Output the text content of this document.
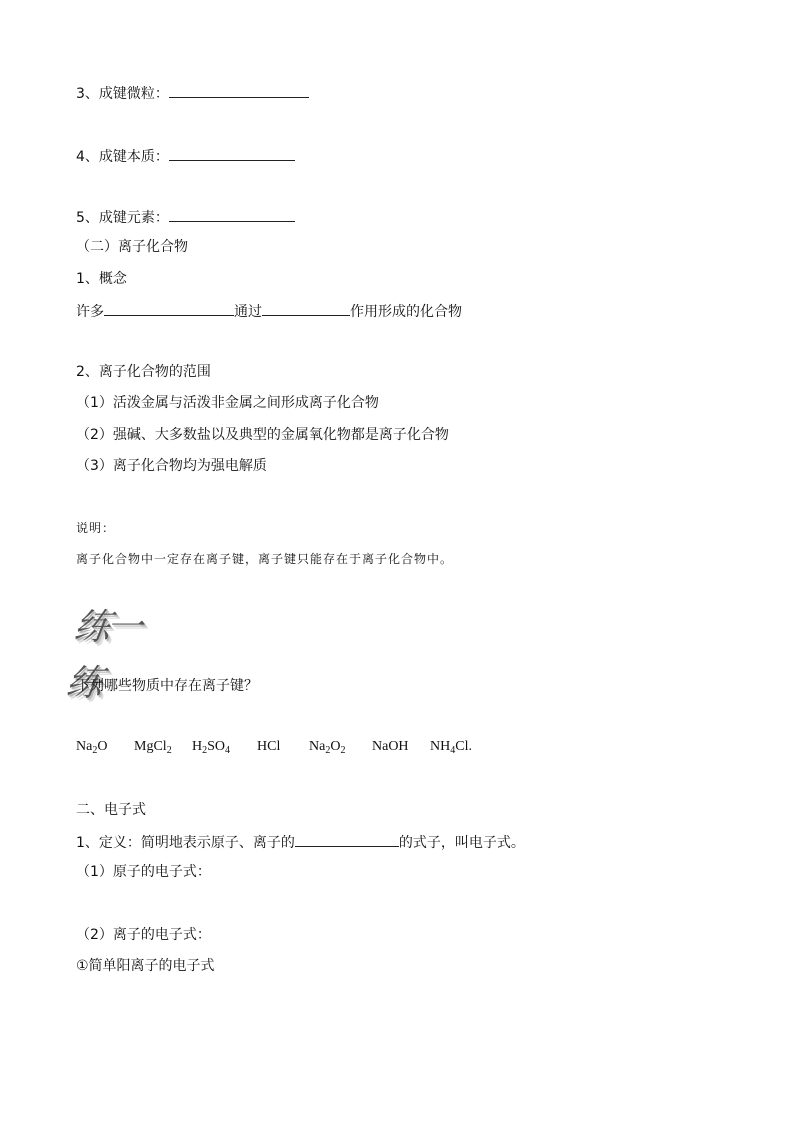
3、成键微粒：
4、成键本质：
5、成键元素：
（二）离子化合物
1、概念
许多	通过	作用形成的化合物
2、离子化合物的范围
（1）活泼金属与活泼非金属之间形成离子化合物
（2）强碱、大多数盐以及典型的金属氧化物都是离子化合物
（3）离子化合物均为强电解质
说明：
离子化合物中一定存在离子键，离子键只能存在于离子化合物中。
练一练
下列哪些物质中存在离子键？
$Na_2O$ MgCl$_2$ $H_2SO_4$ HCl $Na_2O_2$ NaOH $NH_4Cl$.
二、电子式
1、定义：简明地表示原子、离子的	的式子，叫电子式。
（1）原子的电子式：
（2）离子的电子式：
①简单阳离子的电子式
